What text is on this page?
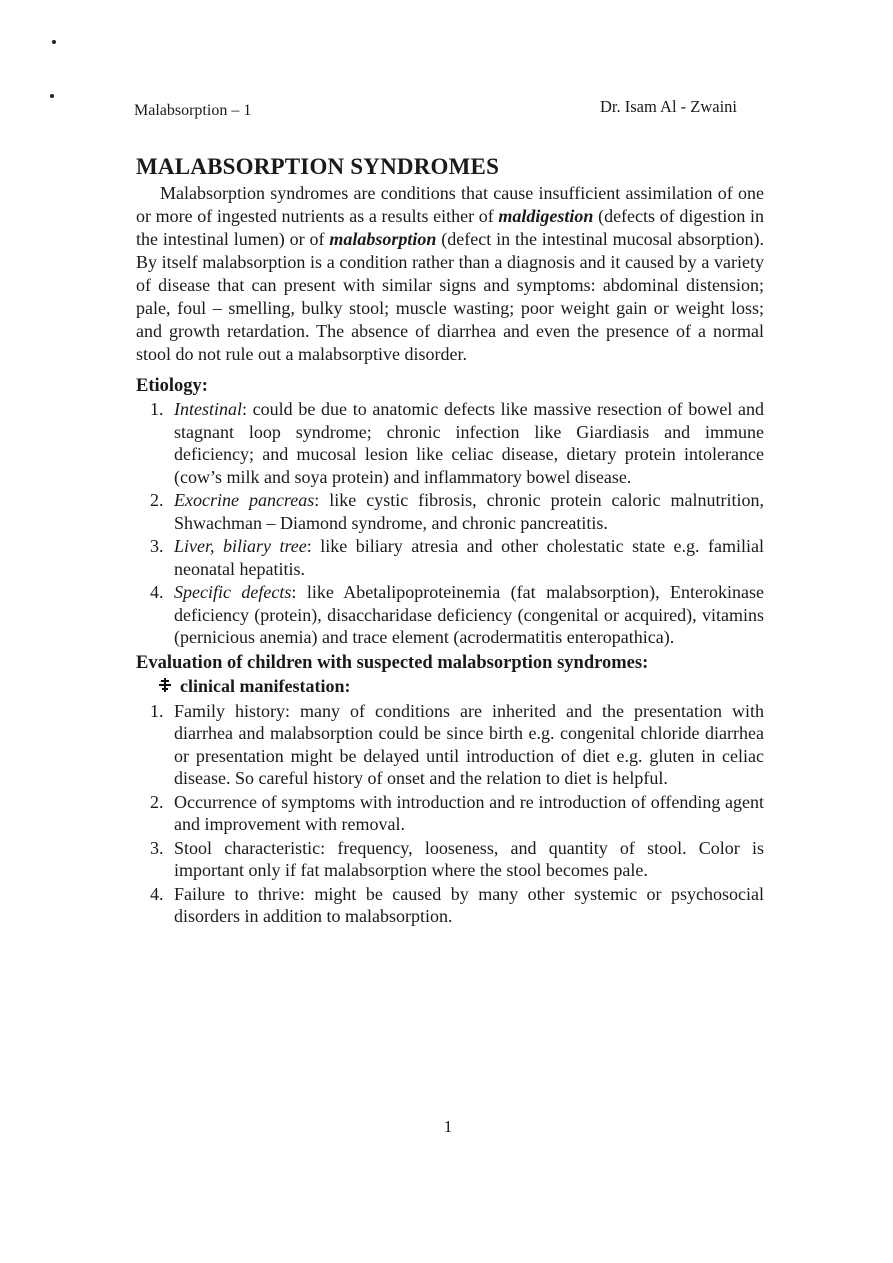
Malabsorption – 1	Dr. Isam Al - Zwaini
MALABSORPTION SYNDROMES

Malabsorption syndromes are conditions that cause insufficient assimilation of one or more of ingested nutrients as a results either of maldigestion (defects of digestion in the intestinal lumen) or of malabsorption (defect in the intestinal mucosal absorption). By itself malabsorption is a condition rather than a diagnosis and it caused by a variety of disease that can present with similar signs and symptoms: abdominal distension; pale, foul – smelling, bulky stool; muscle wasting; poor weight gain or weight loss; and growth retardation. The absence of diarrhea and even the presence of a normal stool do not rule out a malabsorptive disorder.

Etiology:
1. Intestinal: could be due to anatomic defects like massive resection of bowel and stagnant loop syndrome; chronic infection like Giardiasis and immune deficiency; and mucosal lesion like celiac disease, dietary protein intolerance (cow’s milk and soya protein) and inflammatory bowel disease.
2. Exocrine pancreas: like cystic fibrosis, chronic protein caloric malnutrition, Shwachman – Diamond syndrome, and chronic pancreatitis.
3. Liver, biliary tree: like biliary atresia and other cholestatic state e.g. familial neonatal hepatitis.
4. Specific defects: like Abetalipoproteinemia (fat malabsorption), Enterokinase deficiency (protein), disaccharidase deficiency (congenital or acquired), vitamins (pernicious anemia) and trace element (acrodermatitis enteropathica).
Evaluation of children with suspected malabsorption syndromes:
clinical manifestation:
1. Family history: many of conditions are inherited and the presentation with diarrhea and malabsorption could be since birth e.g. congenital chloride diarrhea or presentation might be delayed until introduction of diet e.g. gluten in celiac disease. So careful history of onset and the relation to diet is helpful.
2. Occurrence of symptoms with introduction and re introduction of offending agent and improvement with removal.
3. Stool characteristic: frequency, looseness, and quantity of stool. Color is important only if fat malabsorption where the stool becomes pale.
4. Failure to thrive: might be caused by many other systemic or psychosocial disorders in addition to malabsorption.
1
